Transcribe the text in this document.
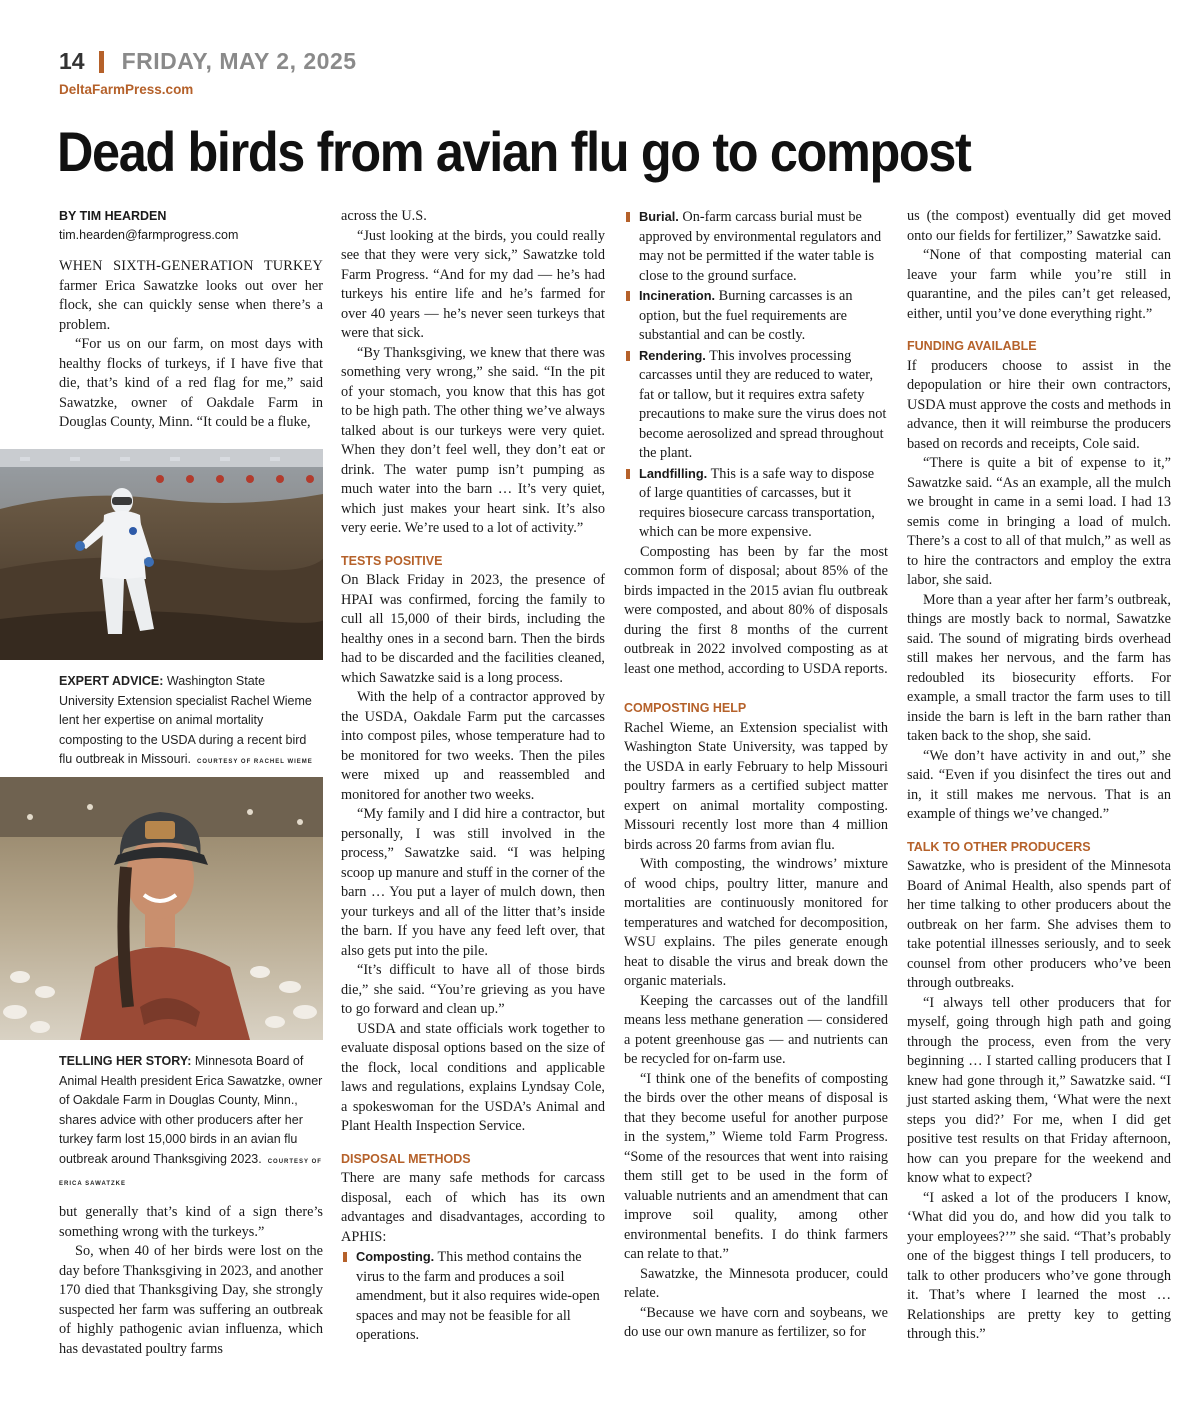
14 FRIDAY, MAY 2, 2025
DeltaFarmPress.com
Dead birds from avian flu go to compost
BY TIM HEARDEN
tim.hearden@farmprogress.com

WHEN SIXTH-GENERATION TURKEY farmer Erica Sawatzke looks out over her flock, she can quickly sense when there’s a problem.

“For us on our farm, on most days with healthy flocks of turkeys, if I have five that die, that’s kind of a red flag for me,” said Sawatzke, owner of Oakdale Farm in Douglas County, Minn. “It could be a fluke,

EXPERT ADVICE: Washington State University Extension specialist Rachel Wieme lent her expertise on animal mortality composting to the USDA during a recent bird flu outbreak in Missouri. COURTESY OF RACHEL WIEME
TELLING HER STORY: Minnesota Board of Animal Health president Erica Sawatzke, owner of Oakdale Farm in Douglas County, Minn., shares advice with other producers after her turkey farm lost 15,000 birds in an avian flu outbreak around Thanksgiving 2023. COURTESY OF ERICA SAWATZKE

but generally that’s kind of a sign there’s something wrong with the turkeys.”

So, when 40 of her birds were lost on the day before Thanksgiving in 2023, and another 170 died that Thanksgiving Day, she strongly suspected her farm was suffering an outbreak of highly pathogenic avian influenza, which has devastated poultry farms

across the U.S.

“Just looking at the birds, you could really see that they were very sick,” Sawatzke told Farm Progress. “And for my dad — he’s had turkeys his entire life and he’s farmed for over 40 years — he’s never seen turkeys that were that sick.

“By Thanksgiving, we knew that there was something very wrong,” she said. “In the pit of your stomach, you know that this has got to be high path. The other thing we’ve always talked about is our turkeys were very quiet. When they don’t feel well, they don’t eat or drink. The water pump isn’t pumping as much water into the barn … It’s very quiet, which just makes your heart sink. It’s also very eerie. We’re used to a lot of activity.”

TESTS POSITIVE

On Black Friday in 2023, the presence of HPAI was confirmed, forcing the family to cull all 15,000 of their birds, including the healthy ones in a second barn. Then the birds had to be discarded and the facilities cleaned, which Sawatzke said is a long process.

With the help of a contractor approved by the USDA, Oakdale Farm put the carcasses into compost piles, whose temperature had to be monitored for two weeks. Then the piles were mixed up and reassembled and monitored for another two weeks.

“My family and I did hire a contractor, but personally, I was still involved in the process,” Sawatzke said. “I was helping scoop up manure and stuff in the corner of the barn … You put a layer of mulch down, then your turkeys and all of the litter that’s inside the barn. If you have any feed left over, that also gets put into the pile.

“It’s difficult to have all of those birds die,” she said. “You’re grieving as you have to go forward and clean up.”

USDA and state officials work together to evaluate disposal options based on the size of the flock, local conditions and applicable laws and regulations, explains Lyndsay Cole, a spokeswoman for the USDA’s Animal and Plant Health Inspection Service.

DISPOSAL METHODS

There are many safe methods for carcass disposal, each of which has its own advantages and disadvantages, according to APHIS:

Composting. This method contains the virus to the farm and produces a soil amendment, but it also requires wide-open spaces and may not be feasible for all operations.
Burial. On-farm carcass burial must be approved by environmental regulators and may not be permitted if the water table is close to the ground surface.
Incineration. Burning carcasses is an option, but the fuel requirements are substantial and can be costly.
Rendering. This involves processing carcasses until they are reduced to water, fat or tallow, but it requires extra safety precautions to make sure the virus does not become aerosolized and spread throughout the plant.
Landfilling. This is a safe way to dispose of large quantities of carcasses, but it requires biosecure carcass transportation, which can be more expensive.

Composting has been by far the most common form of disposal; about 85% of the birds impacted in the 2015 avian flu outbreak were composted, and about 80% of disposals during the first 8 months of the current outbreak in 2022 involved composting as at least one method, according to USDA reports.

COMPOSTING HELP

Rachel Wieme, an Extension specialist with Washington State University, was tapped by the USDA in early February to help Missouri poultry farmers as a certified subject matter expert on animal mortality composting. Missouri recently lost more than 4 million birds across 20 farms from avian flu.

With composting, the windrows’ mixture of wood chips, poultry litter, manure and mortalities are continuously monitored for temperatures and watched for decomposition, WSU explains. The piles generate enough heat to disable the virus and break down the organic materials.

Keeping the carcasses out of the landfill means less methane generation — considered a potent greenhouse gas — and nutrients can be recycled for on-farm use.

“I think one of the benefits of composting the birds over the other means of disposal is that they become useful for another purpose in the system,” Wieme told Farm Progress. “Some of the resources that went into raising them still get to be used in the form of valuable nutrients and an amendment that can improve soil quality, among other environmental benefits. I do think farmers can relate to that.”

Sawatzke, the Minnesota producer, could relate.

“Because we have corn and soybeans, we do use our own manure as fertilizer, so for

us (the compost) eventually did get moved onto our fields for fertilizer,” Sawatzke said.

“None of that composting material can leave your farm while you’re still in quarantine, and the piles can’t get released, either, until you’ve done everything right.”

FUNDING AVAILABLE

If producers choose to assist in the depopulation or hire their own contractors, USDA must approve the costs and methods in advance, then it will reimburse the producers based on records and receipts, Cole said.

“There is quite a bit of expense to it,” Sawatzke said. “As an example, all the mulch we brought in came in a semi load. I had 13 semis come in bringing a load of mulch. There’s a cost to all of that mulch,” as well as to hire the contractors and employ the extra labor, she said.

More than a year after her farm’s outbreak, things are mostly back to normal, Sawatzke said. The sound of migrating birds overhead still makes her nervous, and the farm has redoubled its biosecurity efforts. For example, a small tractor the farm uses to till inside the barn is left in the barn rather than taken back to the shop, she said.

“We don’t have activity in and out,” she said. “Even if you disinfect the tires out and in, it still makes me nervous. That is an example of things we’ve changed.”

TALK TO OTHER PRODUCERS

Sawatzke, who is president of the Minnesota Board of Animal Health, also spends part of her time talking to other producers about the outbreak on her farm. She advises them to take potential illnesses seriously, and to seek counsel from other producers who’ve been through outbreaks.

“I always tell other producers that for myself, going through high path and going through the process, even from the very beginning … I started calling producers that I knew had gone through it,” Sawatzke said. “I just started asking them, ‘What were the next steps you did?’ For me, when I did get positive test results on that Friday afternoon, how can you prepare for the weekend and know what to expect?

“I asked a lot of the producers I know, ‘What did you do, and how did you talk to your employees?’” she said. “That’s probably one of the biggest things I tell producers, to talk to other producers who’ve gone through it. That’s where I learned the most … Relationships are pretty key to getting through this.”
